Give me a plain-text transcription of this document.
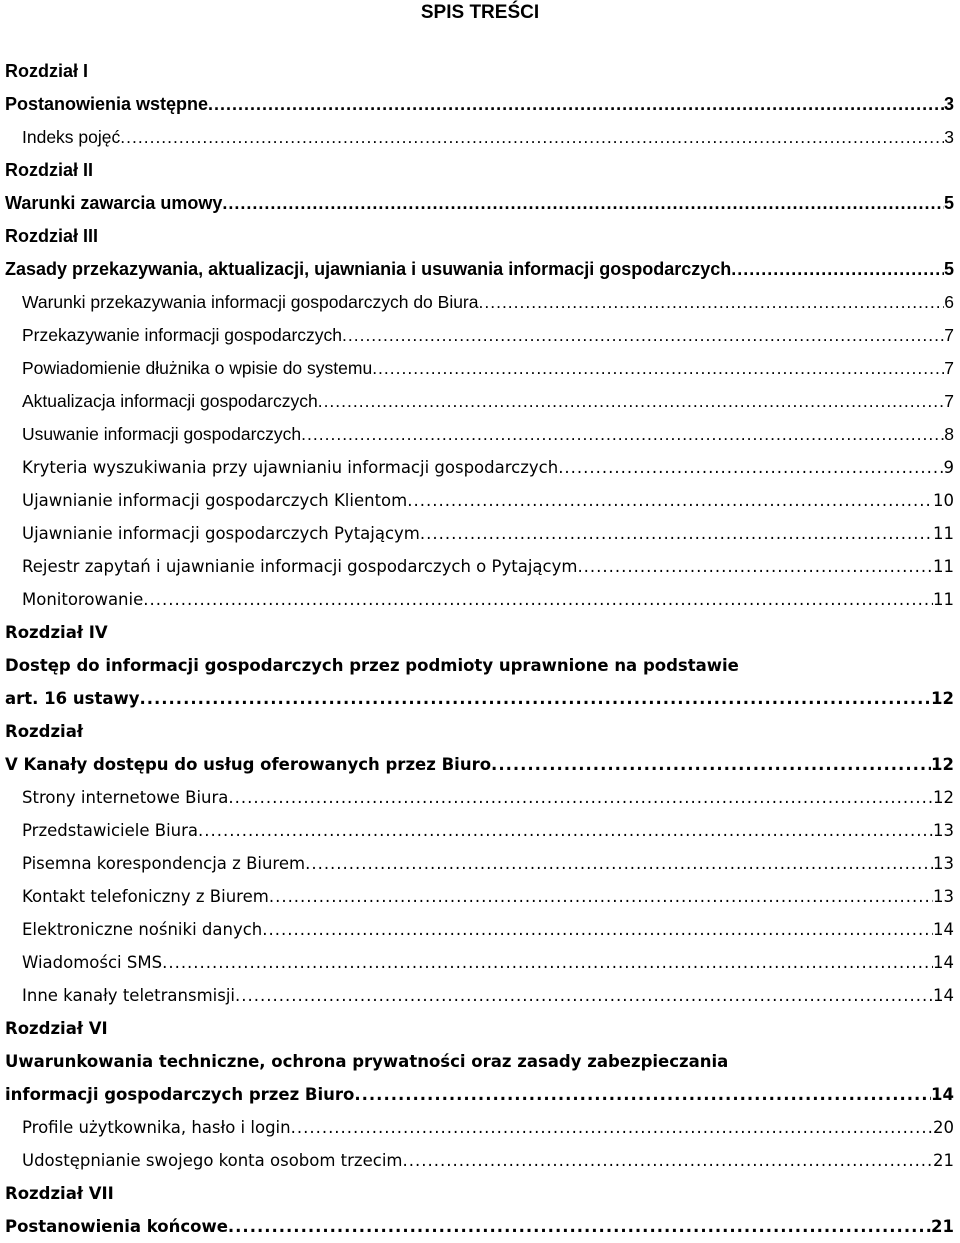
SPIS TREŚCI
Rozdział I
Postanowienia wstępne .....	3
Indeks pojęć .....	3
Rozdział II
Warunki zawarcia umowy .....	5
Rozdział III
Zasady przekazywania, aktualizacji, ujawniania i usuwania informacji gospodarczych .....	5
Warunki przekazywania informacji gospodarczych do Biura .....	6
Przekazywanie informacji gospodarczych .....	7
Powiadomienie dłużnika o wpisie do systemu .....	7
Aktualizacja informacji gospodarczych .....	7
Usuwanie informacji gospodarczych .....	8
Kryteria wyszukiwania przy ujawnianiu informacji gospodarczych .....	9
Ujawnianie informacji gospodarczych Klientom .....	10
Ujawnianie informacji gospodarczych Pytającym .....	11
Rejestr zapytań i ujawnianie informacji gospodarczych o Pytającym .....	11
Monitorowanie .....	11
Rozdział IV
Dostęp do informacji gospodarczych przez podmioty uprawnione na podstawie
art. 16 ustawy .....	12
Rozdział
V Kanały dostępu do usług oferowanych przez Biuro .....	12
Strony internetowe Biura .....	12
Przedstawiciele Biura .....	13
Pisemna korespondencja z Biurem .....	13
Kontakt telefoniczny z Biurem .....	13
Elektroniczne nośniki danych .....	14
Wiadomości SMS .....	14
Inne kanały teletransmisji .....	14
Rozdział VI
Uwarunkowania techniczne, ochrona prywatności oraz zasady zabezpieczania
informacji gospodarczych przez Biuro .....	14
Profile użytkownika, hasło i login .....	20
Udostępnianie swojego konta osobom trzecim .....	21
Rozdział VII
Postanowienia końcowe .....	21
